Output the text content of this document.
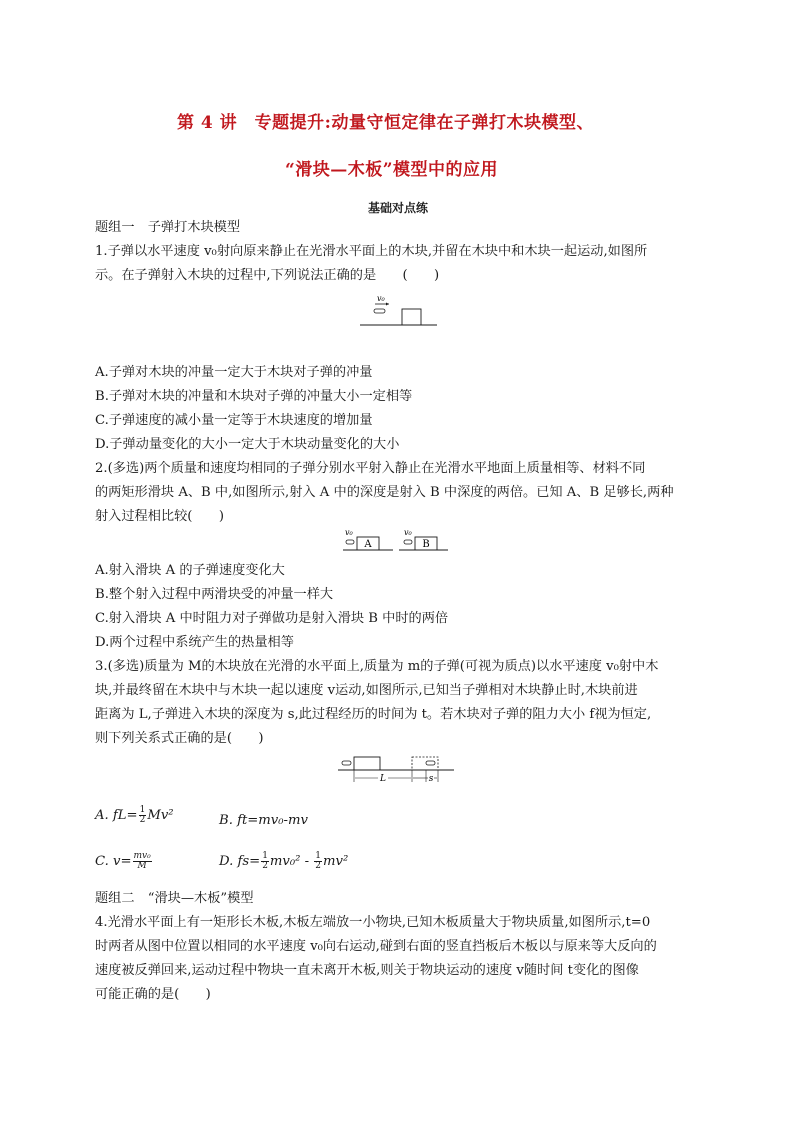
第 4 讲　专题提升:动量守恒定律在子弹打木块模型、
“滑块—木板”模型中的应用
基础对点练
题组一　子弹打木块模型
1.子弹以水平速度 v₀射向原来静止在光滑水平面上的木块,并留在木块中和木块一起运动,如图所
示。在子弹射入木块的过程中,下列说法正确的是　　(　　)
v₀
A.子弹对木块的冲量一定大于木块对子弹的冲量
B.子弹对木块的冲量和木块对子弹的冲量大小一定相等
C.子弹速度的减小量一定等于木块速度的增加量
D.子弹动量变化的大小一定大于木块动量变化的大小
2.(多选)两个质量和速度均相同的子弹分别水平射入静止在光滑水平地面上质量相等、材料不同
的两矩形滑块 A、B 中,如图所示,射入 A 中的深度是射入 B 中深度的两倍。已知 A、B 足够长,两种
射入过程相比较(　　)
v₀
A
v₀
B
A.射入滑块 A 的子弹速度变化大
B.整个射入过程中两滑块受的冲量一样大
C.射入滑块 A 中时阻力对子弹做功是射入滑块 B 中时的两倍
D.两个过程中系统产生的热量相等
3.(多选)质量为 M的木块放在光滑的水平面上,质量为 m的子弹(可视为质点)以水平速度 v₀射中木
块,并最终留在木块中与木块一起以速度 v运动,如图所示,已知当子弹相对木块静止时,木块前进
距离为 L,子弹进入木块的深度为 s,此过程经历的时间为 t。若木块对子弹的阻力大小 f视为恒定,
则下列关系式正确的是(　　)
L	s
A. $fL= \frac{1}{2} Mv^2$	B. ft=mv₀-mv
C. $v= \frac{\text{mv₀}}{M}$	D. $fs= \frac{1}{2} mv_0^2 - \frac{1}{2} mv^2$
题组二　“滑块—木板”模型
4.光滑水平面上有一矩形长木板,木板左端放一小物块,已知木板质量大于物块质量,如图所示,t=0
时两者从图中位置以相同的水平速度 v₀向右运动,碰到右面的竖直挡板后木板以与原来等大反向的
速度被反弹回来,运动过程中物块一直未离开木板,则关于物块运动的速度 v随时间 t变化的图像
可能正确的是(　　)
